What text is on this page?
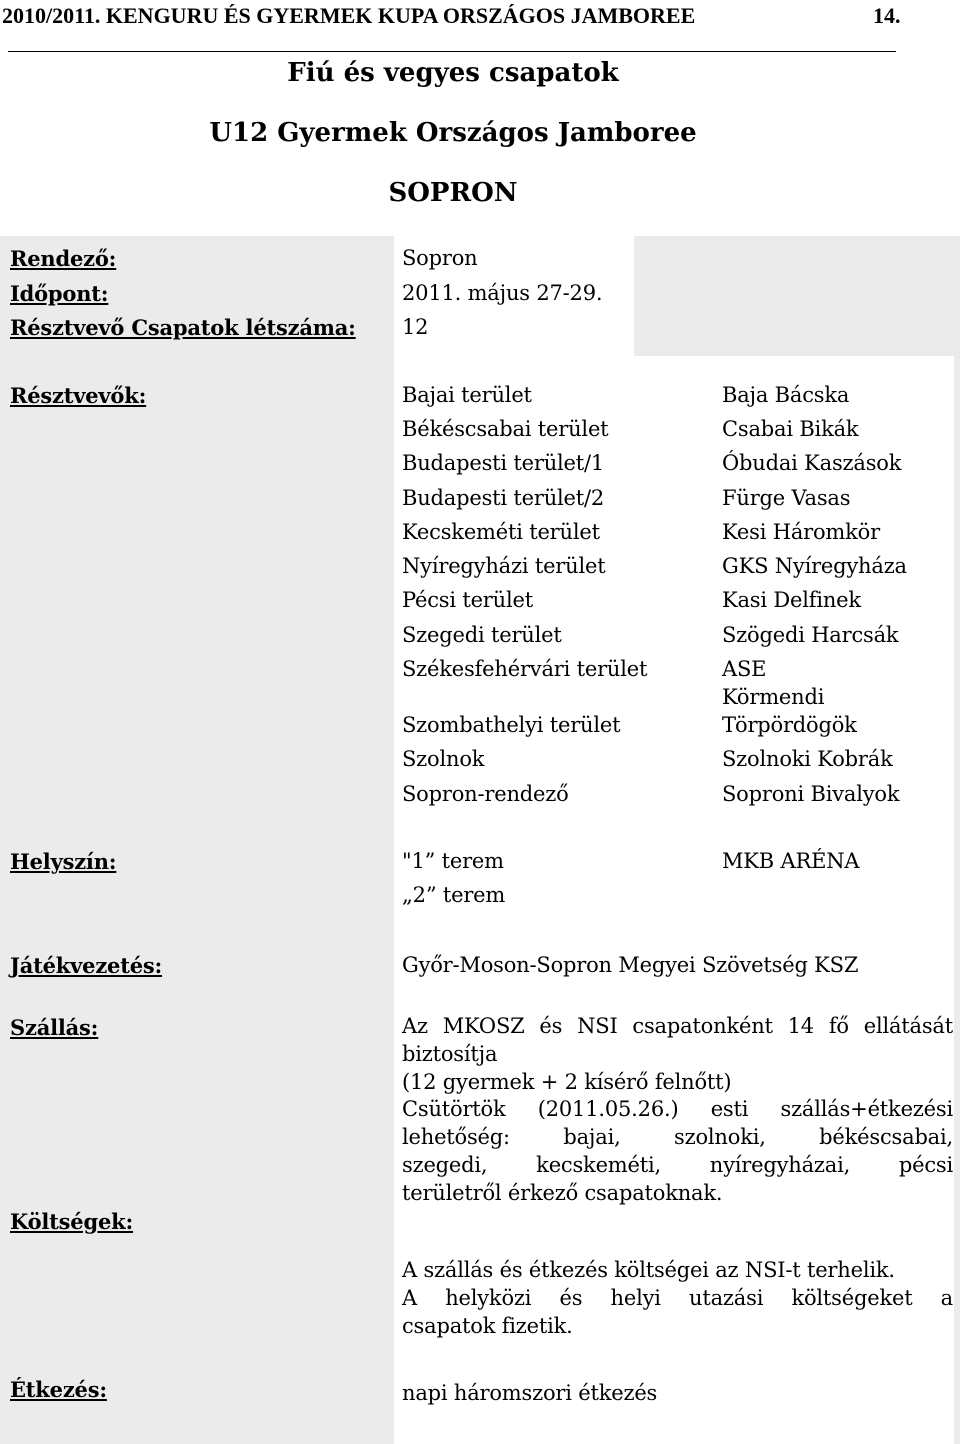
2010/2011. KENGURU ÉS GYERMEK KUPA ORSZÁGOS JAMBOREE	14.
Fiú és vegyes csapatok
U12 Gyermek Országos Jamboree
SOPRON
Rendező:	Sopron
Időpont:	2011. május 27-29.
Résztvevő Csapatok létszáma: 12
Résztvevők:	Bajai terület	Baja Bácska
Békéscsabai terület	Csabai Bikák
Budapesti terület/1	Óbudai Kaszások
Budapesti terület/2	Fürge Vasas
Kecskeméti terület	Kesi Háromkör
Nyíregyházi terület	GKS Nyíregyháza
Pécsi terület	Kasi Delfinek
Szegedi terület	Szögedi Harcsák
Székesfehérvári terület	ASE
Körmendi
Szombathelyi terület	Törpördögök
Szolnok	Szolnoki Kobrák
Sopron-rendező	Soproni Bivalyok
Helyszín:	"1” terem	MKB ARÉNA
„2” terem
Játékvezetés:	Győr-Moson-Sopron Megyei Szövetség KSZ
Szállás:	Az MKOSZ és NSI csapatonként 14 fő ellátását
biztosítja
(12 gyermek + 2 kísérő felnőtt)
Csütörtök (2011.05.26.) esti szállás+étkezési
lehetőség: bajai, szolnoki, békéscsabai,
szegedi, kecskeméti, nyíregyházai, pécsi
területről érkező csapatoknak.
Költségek:
A szállás és étkezés költségei az NSI-t terhelik.
A helyközi és helyi utazási költségeket a
csapatok fizetik.
Étkezés:	napi háromszori étkezés
